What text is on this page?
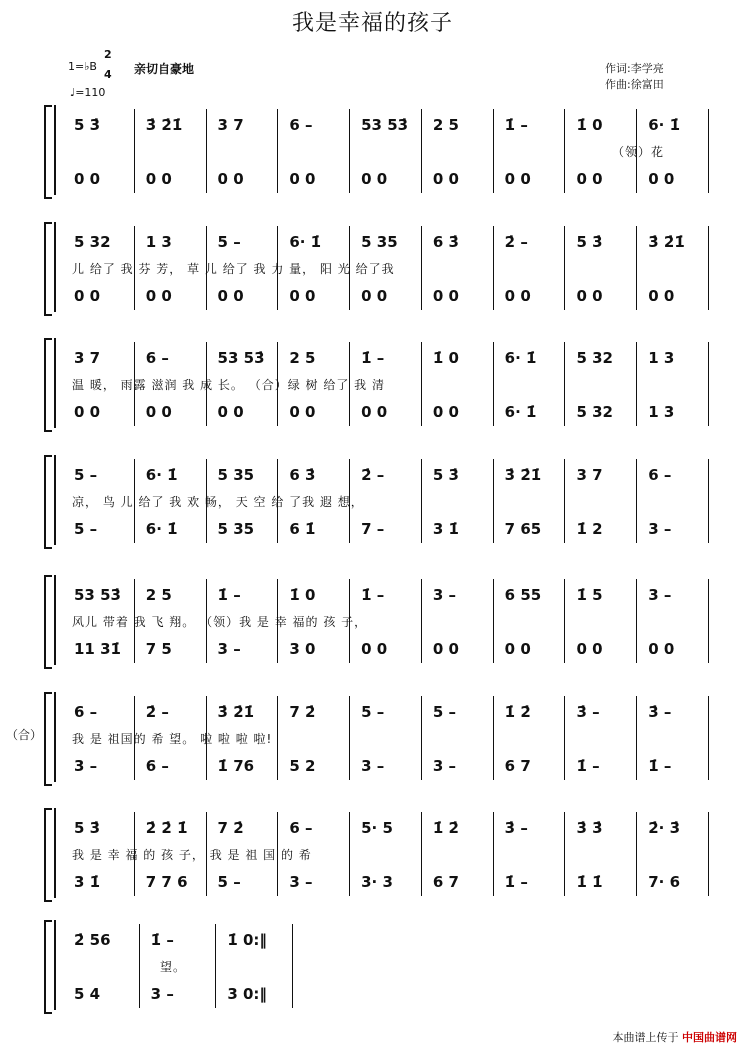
我是幸福的孩子
1=♭B
2
4
♩=110
亲切自豪地	作词:李学亮
作曲:徐富田
5 3̇
0 0
3̇ 2̇1̇
0 0
3 7
0 0
6 –
0 0
53 53̇
0 0
2 5
0 0
1̇ –
0 0
1̇ 0
0 0
6· 1̇
0 0
（领）花
5 32
0 0
1 3
0 0
5 –
0 0
6· 1̇
0 0
5 35
0 0
6 3̇
0 0
2̇ –
0 0
5 3̇
0 0
3̇ 2̇1̇
0 0
儿 给了 我 芬 芳， 草 儿 给了 我 力 量， 阳 光 给了我
3 7
0 0
6 –
0 0
53 53̇
0 0
2 5
0 0
1̇ –
0 0
1̇ 0
0 0
6· 1̇
6· 1̇
5 32
5 32
1 3
1 3
温 暖， 雨露 滋润 我 成 长。 （合）绿 树 给了 我 清
5 –
5 –
6· 1̇
6· 1̇
5 35
5 35
6 3̇
6 1̇
2̇ –
7 –
5 3̇
3 1̇
3̇ 2̇1̇
7 65
3 7
1̇ 2
6 –
3 –
凉， 鸟 儿 给了 我 欢 畅， 天 空 给 了我 遐 想，
53 53̇
11 31̇
2 5
7 5
1̇ –
3 –
1̇ 0
3 0
1̇ –
0 0
3 –
0 0
6 55
0 0
1̇ 5
0 0
3 –
0 0
风儿 带着 我 飞 翔。 （领）我 是 幸 福的 孩 子，
6 –
3 –
2̇ –
6 –
3̇ 2̇1̇
1̇ 76
7 2̇
5 2
5 –
3 –
5 –
3 –
1̇ 2̇
6 7
3̇ –
1̇ –
3̇ –
1̇ –
我 是 祖国的 希 望。 啦 啦 啦 啦!
（合）
5 3̇
3 1̇
2̇ 2̇ 1̇
7 7 6
7 2̇
5 –
6 –
3 –
5· 5
3· 3
1̇ 2̇
6 7
3̇ –
1̇ –
3̇ 3̇
1̇ 1̇
2̇· 3̇
7· 6
我 是 幸 福 的 孩 子， 我 是 祖 国 的 希
2̇ 56
5 4
1̇ –
3 –
1̇ 0:‖
3 0:‖
望。
本曲谱上传于 中国曲谱网
